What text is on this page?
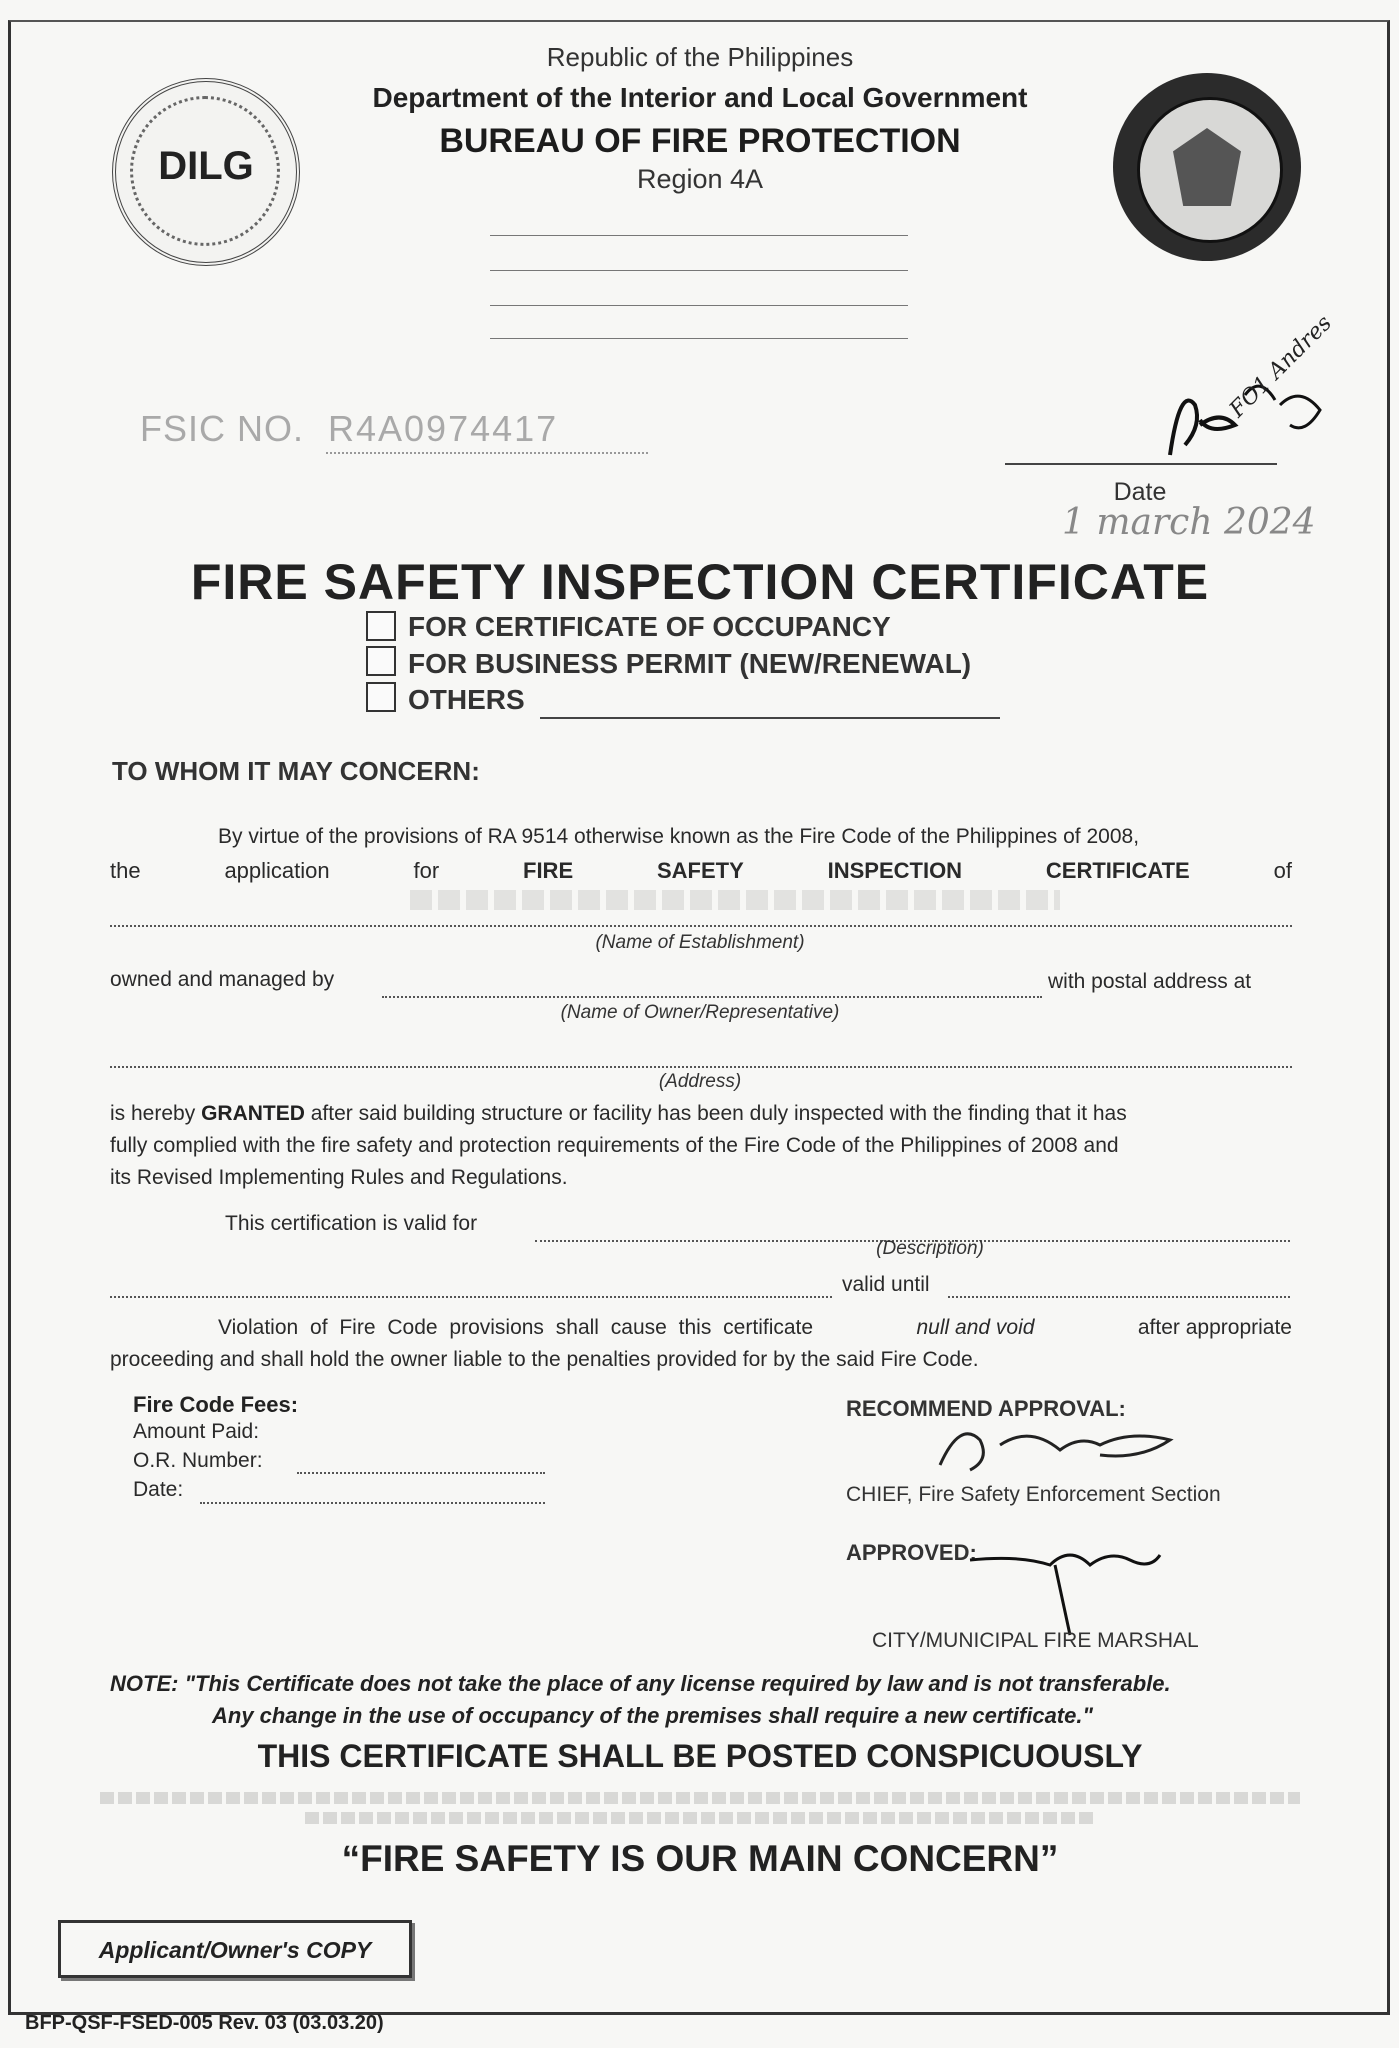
DILG
Republic of the Philippines
Department of the Interior and Local Government
BUREAU OF FIRE PROTECTION
Region 4A
FSIC NO. R4A0974417
FO1 Andres
Date
1 march 2024
FIRE SAFETY INSPECTION CERTIFICATE
FOR CERTIFICATE OF OCCUPANCY
FOR BUSINESS PERMIT (NEW/RENEWAL)
OTHERS
TO WHOM IT MAY CONCERN:
By virtue of the provisions of RA 9514 otherwise known as the Fire Code of the Philippines of 2008,
the	application	for	FIRE	SAFETY	INSPECTION	CERTIFICATE	of
(Name of Establishment)
owned and managed by	with postal address at
(Name of Owner/Representative)
(Address)
is hereby GRANTED after said building structure or facility has been duly inspected with the finding that it has
fully complied with the fire safety and protection requirements of the Fire Code of the Philippines of 2008 and
its Revised Implementing Rules and Regulations.
This certification is valid for
(Description)
valid until
Violation of Fire Code provisions shall cause this certificate	null and void	after appropriate
proceeding and shall hold the owner liable to the penalties provided for by the said Fire Code.
Fire Code Fees:
Amount Paid:
O.R. Number:
Date:
RECOMMEND APPROVAL:
CHIEF, Fire Safety Enforcement Section
APPROVED:
CITY/MUNICIPAL FIRE MARSHAL
NOTE: "This Certificate does not take the place of any license required by law and is not transferable.
Any change in the use of occupancy of the premises shall require a new certificate."
THIS CERTIFICATE SHALL BE POSTED CONSPICUOUSLY
“FIRE SAFETY IS OUR MAIN CONCERN”
Applicant/Owner's COPY
BFP-QSF-FSED-005 Rev. 03 (03.03.20)
